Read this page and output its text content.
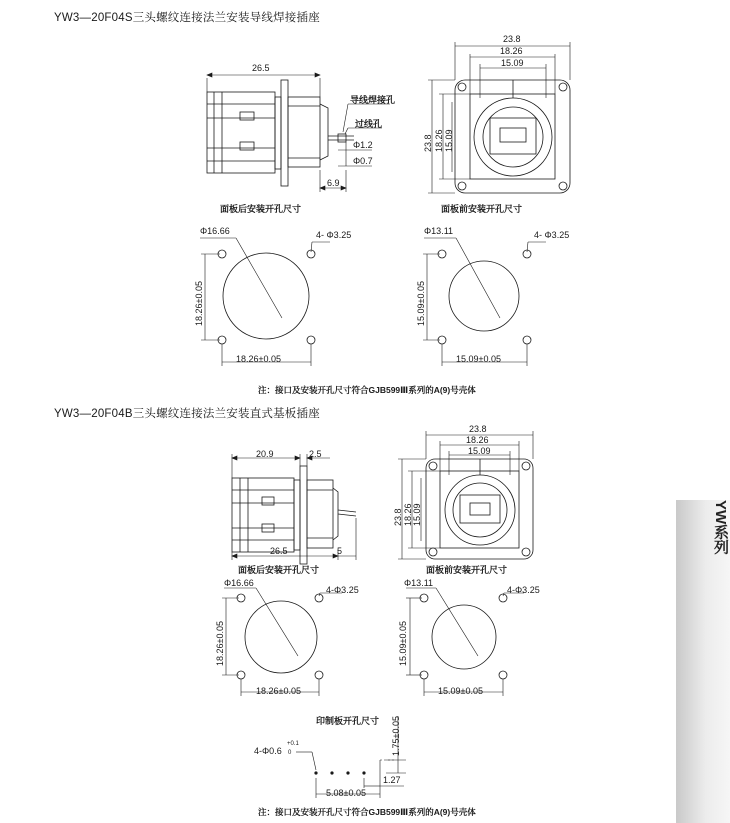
YW系列
YW3—20F04S三头螺纹连接法兰安装导线焊接插座
26.5
导线焊接孔
过线孔
Φ1.2
Φ0.7
6.9
23.8
18.26
15.09
23.8 18.26 15.09
面板后安装开孔尺寸	面板前安装开孔尺寸
Φ16.66	4- Φ3.25
18.26±0.05
18.26±0.05
Φ13.11	4- Φ3.25
15.09±0.05
15.09±0.05
注：接口及安装开孔尺寸符合GJB599Ⅲ系列的A(9)号壳体
YW3—20F04B三头螺纹连接法兰安装直式基板插座
20.9	2.5
26.5	5
23.8
18.26
15.09
23.8 18.26 15.09
面板后安装开孔尺寸	面板前安装开孔尺寸
Φ16.66
4-Φ3.25
18.26±0.05
18.26±0.05
Φ13.11
4-Φ3.25
15.09±0.05
15.09±0.05
印制板开孔尺寸
4-Φ0.6
+0.1
0	1.75±0.05
1.27
5.08±0.05
注：接口及安装开孔尺寸符合GJB599Ⅲ系列的A(9)号壳体
